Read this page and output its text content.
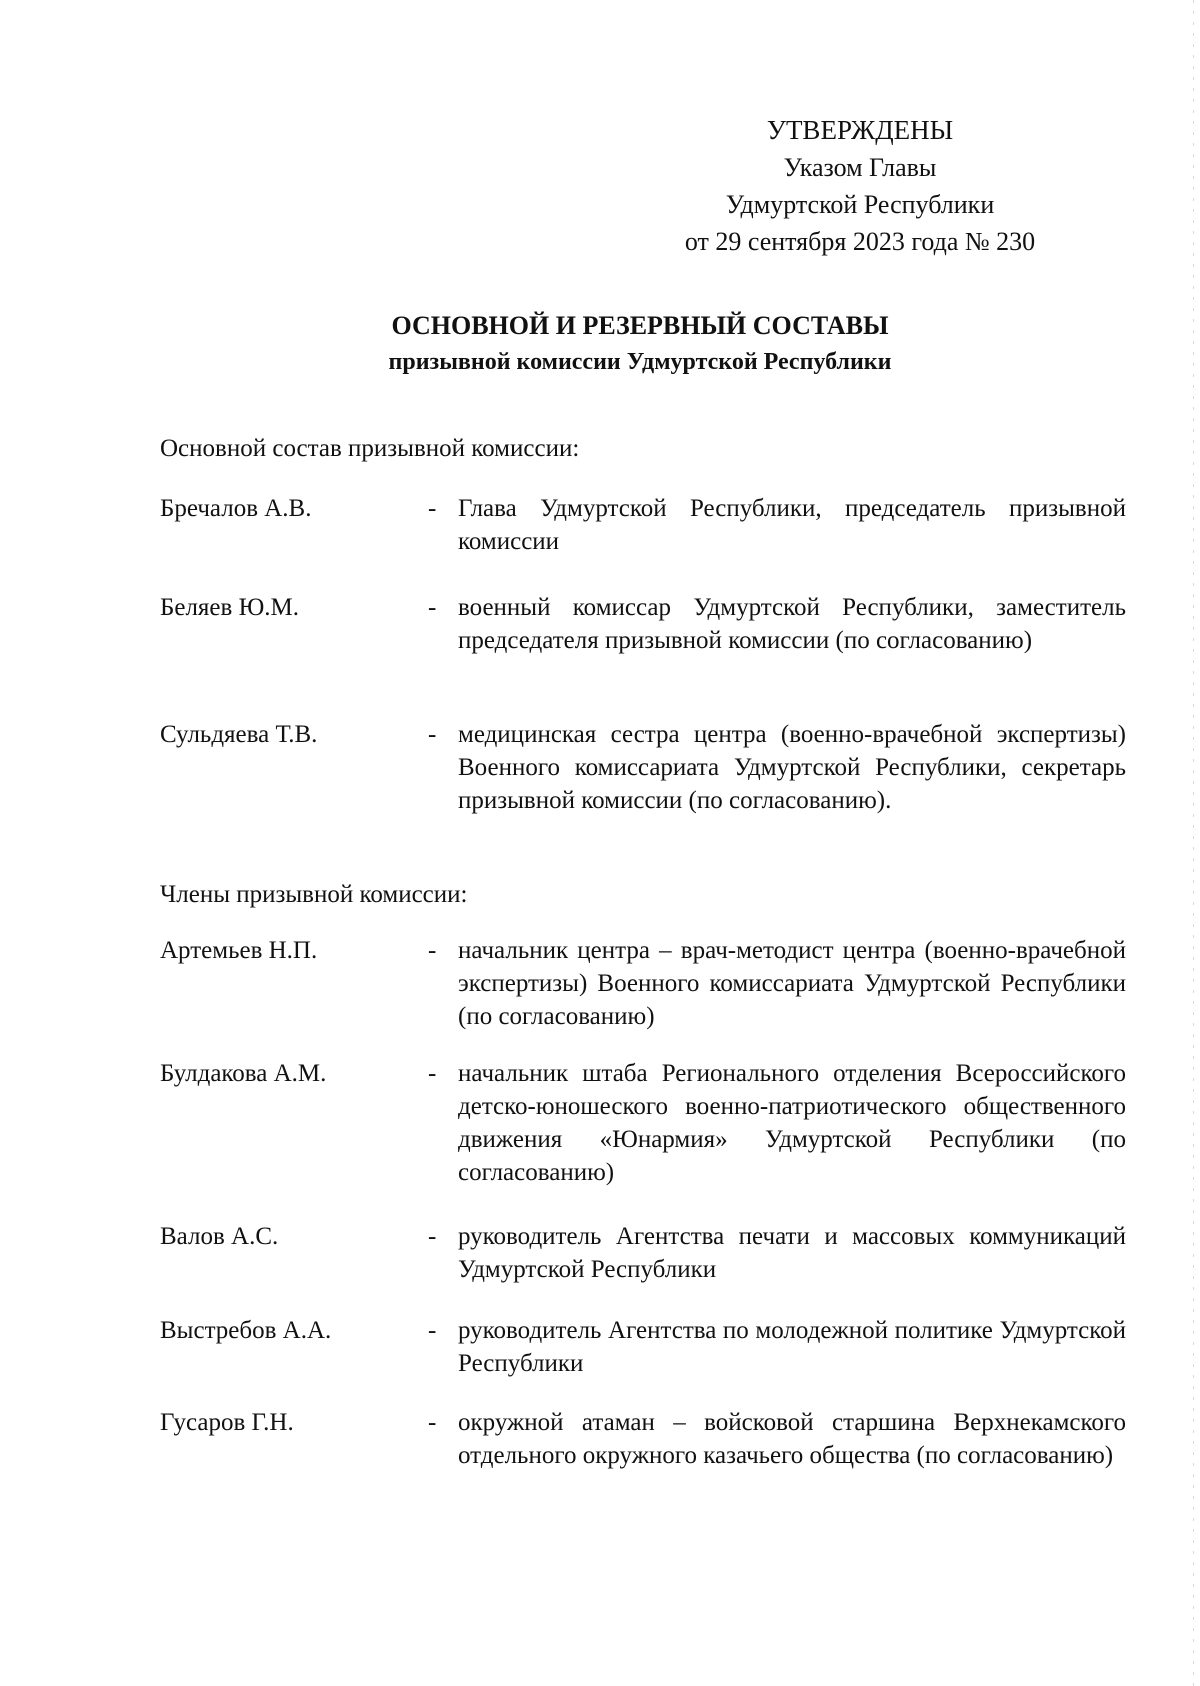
УТВЕРЖДЕНЫ
Указом Главы
Удмуртской Республики
от 29 сентября 2023 года № 230
ОСНОВНОЙ И РЕЗЕРВНЫЙ СОСТАВЫ
призывной комиссии Удмуртской Республики
Основной состав призывной комиссии:
Бречалов А.В.	- Глава Удмуртской Республики, председатель призывной комиссии
Беляев Ю.М.	- военный комиссар Удмуртской Республики, заместитель председателя призывной комиссии (по согласованию)
Сульдяева Т.В.	- медицинская сестра центра (военно-врачебной экспертизы) Военного комиссариата Удмуртской Республики, секретарь призывной комиссии (по согласованию).
Члены призывной комиссии:
Артемьев Н.П.	- начальник центра – врач-методист центра (военно-врачебной экспертизы) Военного комиссариата Удмуртской Республики (по согласованию)
Булдакова А.М.	- начальник штаба Регионального отделения Всероссийского детско-юношеского военно-патриотического общественного движения «Юнармия» Удмуртской Республики (по согласованию)
Валов А.С.	- руководитель Агентства печати и массовых коммуникаций Удмуртской Республики
Выстребов А.А.	- руководитель Агентства по молодежной политике Удмуртской Республики
Гусаров Г.Н.	- окружной атаман – войсковой старшина Верхнекамского отдельного окружного казачьего общества (по согласованию)
